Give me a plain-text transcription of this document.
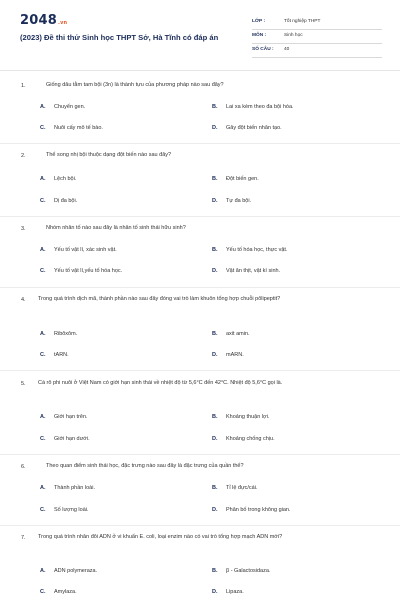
2048.vn
(2023) Đề thi thử Sinh học THPT Sở, Hà Tĩnh có đáp án
LỚP :	Tốt nghiệp THPT
MÔN :	Sinh học
SỐ CÂU : 40
1.	Giống dâu tằm tam bội (3n) là thành tựu của phương pháp nào sau đây?
A. Chuyển gen.	B. Lai xa kèm theo đa bội hóa.
C. Nuôi cấy mô tế bào.	D. Gây đột biến nhân tạo.
2.	Thể song nhị bội thuộc dạng đột biến nào sau đây?
A. Lệch bội.	B. Đột biến gen.
C. Dị đa bội.	D. Tự đa bội.
3.	Nhóm nhân tố nào sau đây là nhân tố sinh thái hữu sinh?
A. Yếu tố vật lí, xác sinh vật.	B. Yếu tố hóa học, thực vật.
C. Yếu tố vật lí,yếu tố hóa học.	D. Vật ăn thịt, vật kí sinh.
4. Trong quá trình dịch mã, thành phần nào sau đây đóng vai trò làm khuôn tổng hợp chuỗi pôlipeptit?
A. Ribôxôm.	B. axit amin.
C. tARN.	D. mARN.
5. Cá rô phi nuôi ở Việt Nam có giới hạn sinh thái về nhiệt độ từ 5,6°C đến 42°C. Nhiệt độ 5,6°C gọi là.
A. Giới hạn trên.	B. Khoảng thuận lợi.
C. Giới hạn dưới.	D. Khoảng chống chịu.
6.	Theo quan điểm sinh thái học, đặc trưng nào sau đây là đặc trưng của quần thể?
A. Thành phần loài.	B. Tỉ lệ đực/cái.
C. Số lượng loài.	D. Phân bố trong không gian.
7. Trong quá trình nhân đôi ADN ở vi khuẩn E. coli, loại enzim nào có vai trò tổng hợp mạch ADN mới?
A. ADN polymeraza.	B. β - Galactosidaza.
C. Amylaza.	D. Lipaza.
